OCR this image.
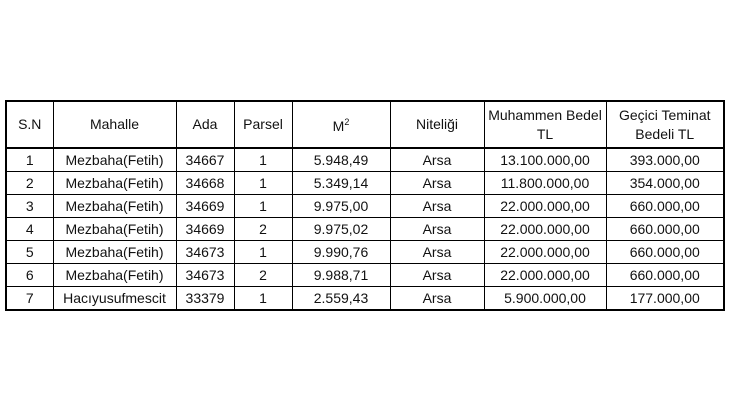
S.N	Mahalle	Ada	Parsel	$M^2$	Niteliği	Muhammen Bedel TL	Geçici Teminat Bedeli TL
1	Mezbaha(Fetih)	34667	1	5.948,49	Arsa	13.100.000,00	393.000,00
2	Mezbaha(Fetih)	34668	1	5.349,14	Arsa	11.800.000,00	354.000,00
3	Mezbaha(Fetih)	34669	1	9.975,00	Arsa	22.000.000,00	660.000,00
4	Mezbaha(Fetih)	34669	2	9.975,02	Arsa	22.000.000,00	660.000,00
5	Mezbaha(Fetih)	34673	1	9.990,76	Arsa	22.000.000,00	660.000,00
6	Mezbaha(Fetih)	34673	2	9.988,71	Arsa	22.000.000,00	660.000,00
7	Hacıyusufmescit	33379	1	2.559,43	Arsa	5.900.000,00	177.000,00
